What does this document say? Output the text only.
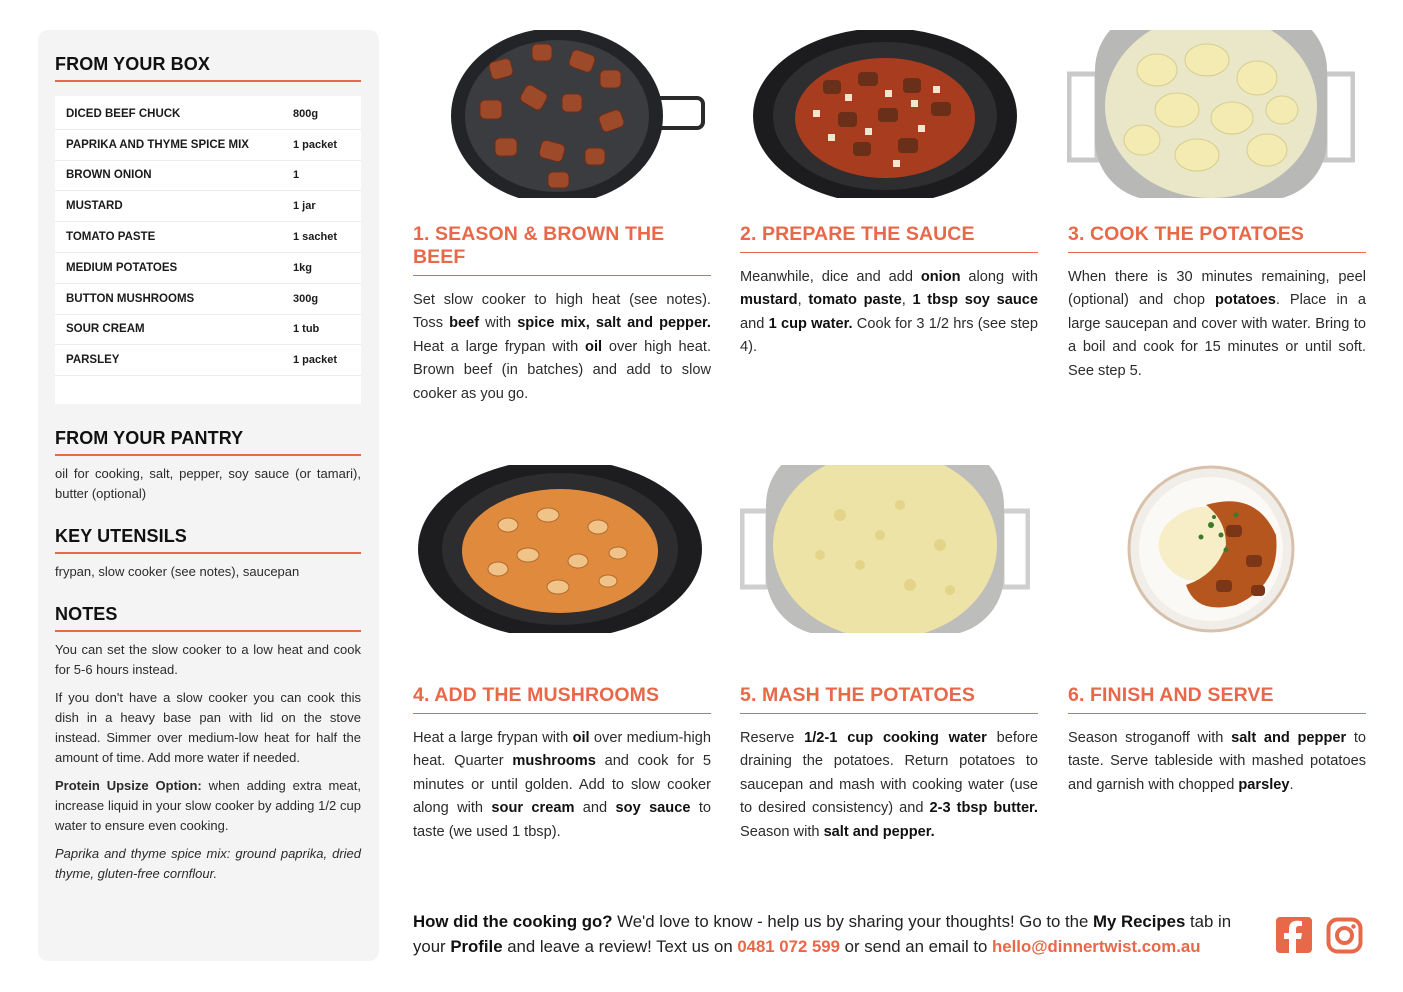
FROM YOUR BOX
DICED BEEF CHUCK	800g
PAPRIKA AND THYME SPICE MIX	1 packet
BROWN ONION	1
MUSTARD	1 jar
TOMATO PASTE	1 sachet
MEDIUM POTATOES	1kg
BUTTON MUSHROOMS	300g
SOUR CREAM	1 tub
PARSLEY	1 packet
FROM YOUR PANTRY
oil for cooking, salt, pepper, soy sauce (or tamari), butter (optional)
KEY UTENSILS
frypan, slow cooker (see notes), saucepan
NOTES

You can set the slow cooker to a low heat and cook for 5-6 hours instead.

If you don't have a slow cooker you can cook this dish in a heavy base pan with lid on the stove instead. Simmer over medium-low heat for half the amount of time. Add more water if needed.

Protein Upsize Option: when adding extra meat, increase liquid in your slow cooker by adding 1/2 cup water to ensure even cooking.

Paprika and thyme spice mix: ground paprika, dried thyme, gluten-free cornflour.

1. SEASON & BROWN THE BEEF
Set slow cooker to high heat (see notes). Toss beef with spice mix, salt and pepper. Heat a large frypan with oil over high heat. Brown beef (in batches) and add to slow cooker as you go.
2. PREPARE THE SAUCE
Meanwhile, dice and add onion along with mustard, tomato paste, 1 tbsp soy sauce and 1 cup water. Cook for 3 1/2 hrs (see step 4).
3. COOK THE POTATOES
When there is 30 minutes remaining, peel (optional) and chop potatoes. Place in a large saucepan and cover with water. Bring to a boil and cook for 15 minutes or until soft. See step 5.
4. ADD THE MUSHROOMS
Heat a large frypan with oil over medium-high heat. Quarter mushrooms and cook for 5 minutes or until golden. Add to slow cooker along with sour cream and soy sauce to taste (we used 1 tbsp).
5. MASH THE POTATOES
Reserve 1/2-1 cup cooking water before draining the potatoes. Return potatoes to saucepan and mash with cooking water (use to desired consistency) and 2-3 tbsp butter. Season with salt and pepper.
6. FINISH AND SERVE
Season stroganoff with salt and pepper to taste. Serve tableside with mashed potatoes and garnish with chopped parsley.
How did the cooking go? We'd love to know - help us by sharing your thoughts! Go to the My Recipes tab in your Profile and leave a review! Text us on 0481 072 599 or send an email to hello@dinnertwist.com.au
